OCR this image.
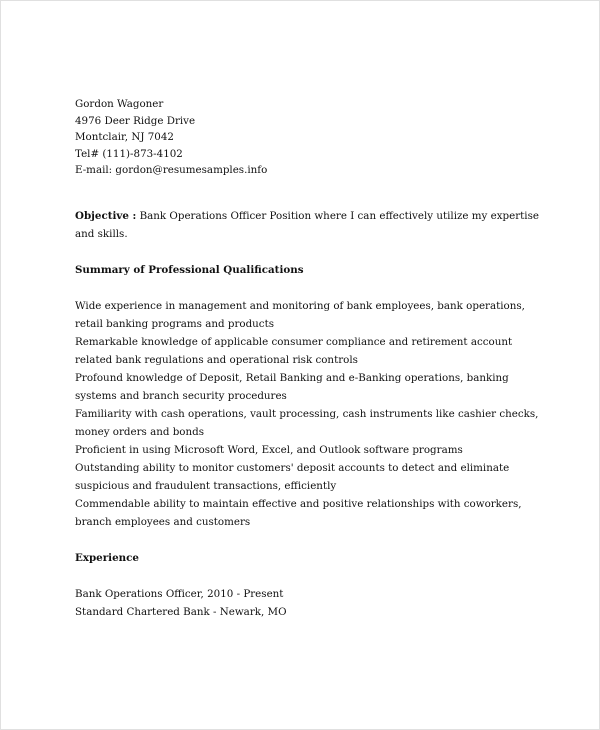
Gordon Wagoner
4976 Deer Ridge Drive
Montclair, NJ 7042
Tel# (111)-873-4102
E-mail: gordon@resumesamples.info

Objective : Bank Operations Officer Position where I can effectively utilize my expertise and skills.

Summary of Professional Qualifications

Wide experience in management and monitoring of bank employees, bank operations, retail banking programs and products

Remarkable knowledge of applicable consumer compliance and retirement account related bank regulations and operational risk controls

Profound knowledge of Deposit, Retail Banking and e-Banking operations, banking systems and branch security procedures

Familiarity with cash operations, vault processing, cash instruments like cashier checks, money orders and bonds

Proficient in using Microsoft Word, Excel, and Outlook software programs

Outstanding ability to monitor customers' deposit accounts to detect and eliminate suspicious and fraudulent transactions, efficiently

Commendable ability to maintain effective and positive relationships with coworkers, branch employees and customers

Experience

Bank Operations Officer, 2010 - Present

Standard Chartered Bank - Newark, MO
